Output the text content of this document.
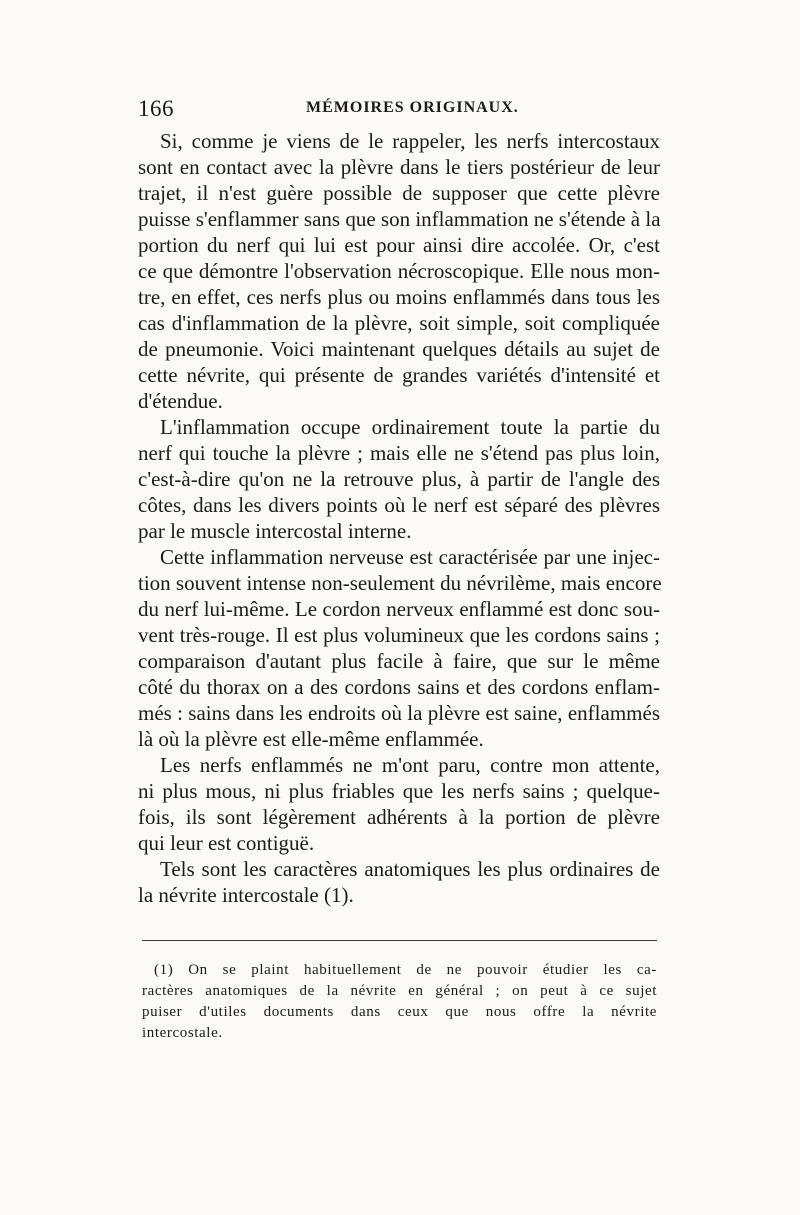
166	MÉMOIRES ORIGINAUX.
Si, comme je viens de le rappeler, les nerfs intercostaux
sont en contact avec la plèvre dans le tiers postérieur de leur
trajet, il n'est guère possible de supposer que cette plèvre
puisse s'enflammer sans que son inflammation ne s'étende à la
portion du nerf qui lui est pour ainsi dire accolée. Or, c'est
ce que démontre l'observation nécroscopique. Elle nous mon-
tre, en effet, ces nerfs plus ou moins enflammés dans tous les
cas d'inflammation de la plèvre, soit simple, soit compliquée
de pneumonie. Voici maintenant quelques détails au sujet de
cette névrite, qui présente de grandes variétés d'intensité et
d'étendue.
L'inflammation occupe ordinairement toute la partie du
nerf qui touche la plèvre ; mais elle ne s'étend pas plus loin,
c'est-à-dire qu'on ne la retrouve plus, à partir de l'angle des
côtes, dans les divers points où le nerf est séparé des plèvres
par le muscle intercostal interne.
Cette inflammation nerveuse est caractérisée par une injec-
tion souvent intense non-seulement du névrilème, mais encore
du nerf lui-même. Le cordon nerveux enflammé est donc sou-
vent très-rouge. Il est plus volumineux que les cordons sains ;
comparaison d'autant plus facile à faire, que sur le même
côté du thorax on a des cordons sains et des cordons enflam-
més : sains dans les endroits où la plèvre est saine, enflammés
là où la plèvre est elle-même enflammée.
Les nerfs enflammés ne m'ont paru, contre mon attente,
ni plus mous, ni plus friables que les nerfs sains ; quelque-
fois, ils sont légèrement adhérents à la portion de plèvre
qui leur est contiguë.
Tels sont les caractères anatomiques les plus ordinaires de
la névrite intercostale (1).
(1) On se plaint habituellement de ne pouvoir étudier les ca-
ractères anatomiques de la névrite en général ; on peut à ce sujet
puiser d'utiles documents dans ceux que nous offre la névrite
intercostale.
